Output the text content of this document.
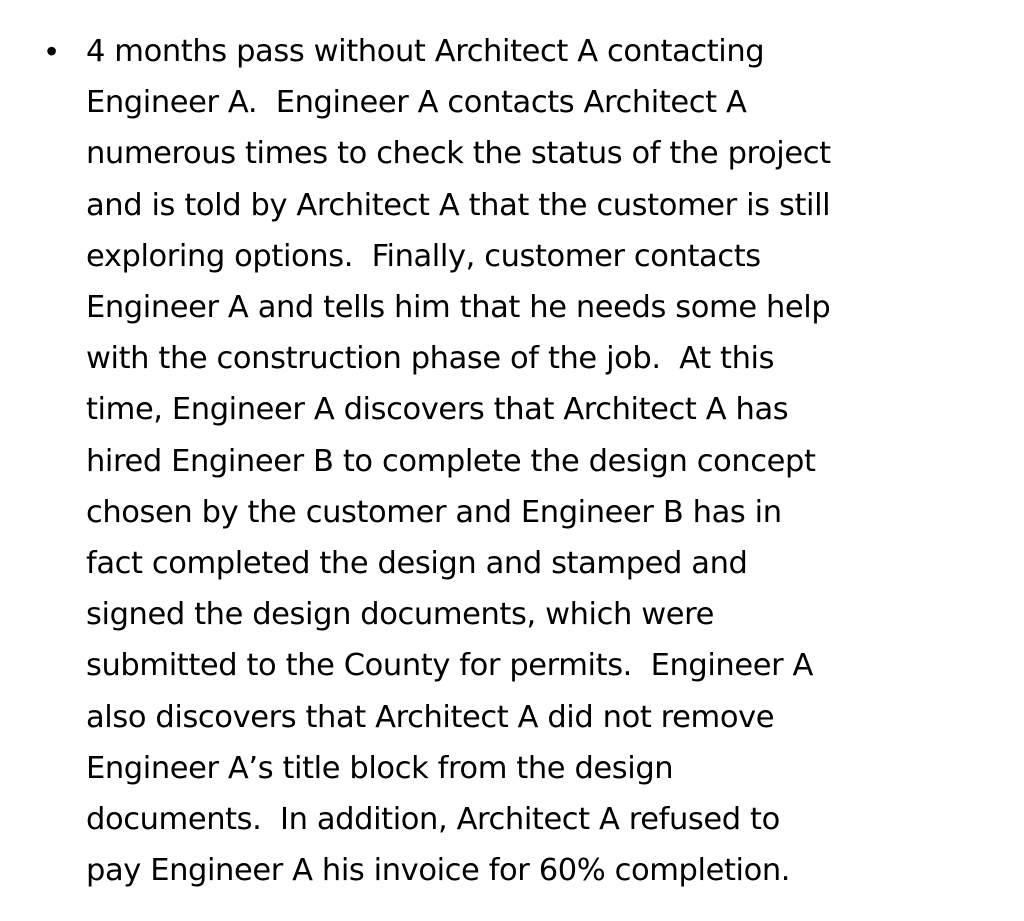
• 4 months pass without Architect A contacting
Engineer A.  Engineer A contacts Architect A
numerous times to check the status of the project
and is told by Architect A that the customer is still
exploring options.  Finally, customer contacts
Engineer A and tells him that he needs some help
with the construction phase of the job.  At this
time, Engineer A discovers that Architect A has
hired Engineer B to complete the design concept
chosen by the customer and Engineer B has in
fact completed the design and stamped and
signed the design documents, which were
submitted to the County for permits.  Engineer A
also discovers that Architect A did not remove
Engineer A’s title block from the design
documents.  In addition, Architect A refused to
pay Engineer A his invoice for 60% completion.
